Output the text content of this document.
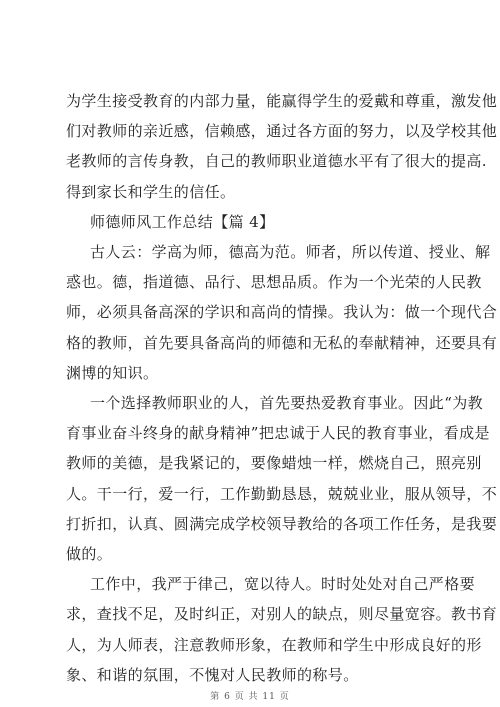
为学生接受教育的内部力量，能赢得学生的爱戴和尊重，激发他
们对教师的亲近感，信赖感，通过各方面的努力，以及学校其他
老教师的言传身教，自己的教师职业道德水平有了很大的提高.
得到家长和学生的信任。
师德师风工作总结【篇 4】
古人云：学高为师，德高为范。师者，所以传道、授业、解
惑也。德，指道德、品行、思想品质。作为一个光荣的人民教
师，必须具备高深的学识和高尚的情操。我认为：做一个现代合
格的教师，首先要具备高尚的师德和无私的奉献精神，还要具有
渊博的知识。
一个选择教师职业的人，首先要热爱教育事业。因此“为教
育事业奋斗终身的献身精神”把忠诚于人民的教育事业，看成是
教师的美德，是我紧记的，要像蜡烛一样，燃烧自己，照亮别
人。干一行，爱一行，工作勤勤恳恳，兢兢业业，服从领导，不
打折扣，认真、圆满完成学校领导教给的各项工作任务，是我要
做的。
工作中，我严于律己，宽以待人。时时处处对自己严格要
求，查找不足，及时纠正，对别人的缺点，则尽量宽容。教书育
人，为人师表，注意教师形象，在教师和学生中形成良好的形
象、和谐的氛围，不愧对人民教师的称号。
第 6 页 共 11 页
